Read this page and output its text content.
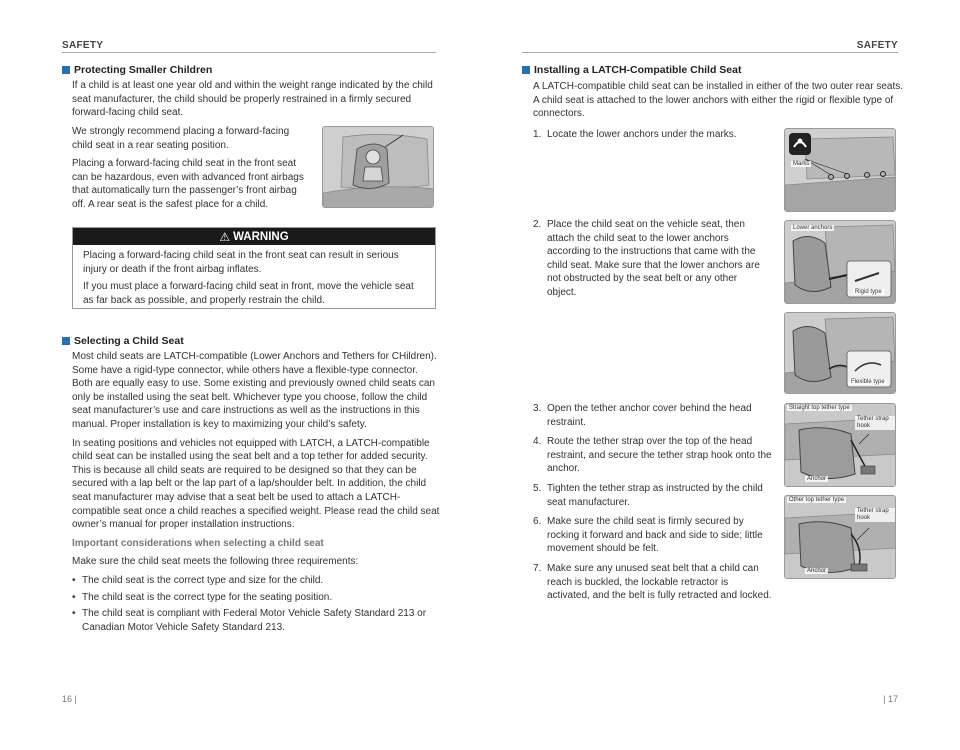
SAFETY
Protecting Smaller Children

If a child is at least one year old and within the weight range indicated by the child seat manufacturer, the child should be properly restrained in a firmly secured forward-facing child seat.

We strongly recommend placing a forward-facing child seat in a rear seating position.

Placing a forward-facing child seat in the front seat can be hazardous, even with advanced front airbags that automatically turn the passenger’s front airbag off. A rear seat is the safest place for a child.

⚠ WARNING

Placing a forward-facing child seat in the front seat can result in serious injury or death if the front airbag inflates.

If you must place a forward-facing child seat in front, move the vehicle seat as far back as possible, and properly restrain the child.

Selecting a Child Seat

Most child seats are LATCH-compatible (Lower Anchors and Tethers for CHildren). Some have a rigid-type connector, while others have a flexible-type connector. Both are equally easy to use. Some existing and previously owned child seats can only be installed using the seat belt. Whichever type you choose, follow the child seat manufacturer’s use and care instructions as well as the instructions in this manual. Proper installation is key to maximizing your child’s safety.

In seating positions and vehicles not equipped with LATCH, a LATCH-compatible child seat can be installed using the seat belt and a top tether for added security. This is because all child seats are required to be designed so that they can be secured with a lap belt or the lap part of a lap/shoulder belt. In addition, the child seat manufacturer may advise that a seat belt be used to attach a LATCH-compatible seat once a child reaches a specified weight. Please read the child seat owner’s manual for proper installation instructions.

Important considerations when selecting a child seat

Make sure the child seat meets the following three requirements:

• The child seat is the correct type and size for the child.
• The child seat is the correct type for the seating position.
• The child seat is compliant with Federal Motor Vehicle Safety Standard 213 or Canadian Motor Vehicle Safety Standard 213.
16 |
SAFETY
Installing a LATCH-Compatible Child Seat

A LATCH-compatible child seat can be installed in either of the two outer rear seats. A child seat is attached to the lower anchors with either the rigid or flexible type of connectors.

1. Locate the lower anchors under the marks.
2. Place the child seat on the vehicle seat, then attach the child seat to the lower anchors according to the instructions that came with the child seat. Make sure that the lower anchors are not obstructed by the seat belt or any other object.
3. Open the tether anchor cover behind the head restraint.
4. Route the tether strap over the top of the head restraint, and secure the tether strap hook onto the anchor.
5. Tighten the tether strap as instructed by the child seat manufacturer.
6. Make sure the child seat is firmly secured by rocking it forward and back and side to side; little movement should be felt.
7. Make sure any unused seat belt that a child can reach is buckled, the lockable retractor is activated, and the belt is fully retracted and locked.
Marks
Lower anchors
Rigid type
Flexible type
Straight top tether type
Tether strap hook
Anchor
Other top tether type
Tether strap hook
Anchor
| 17
